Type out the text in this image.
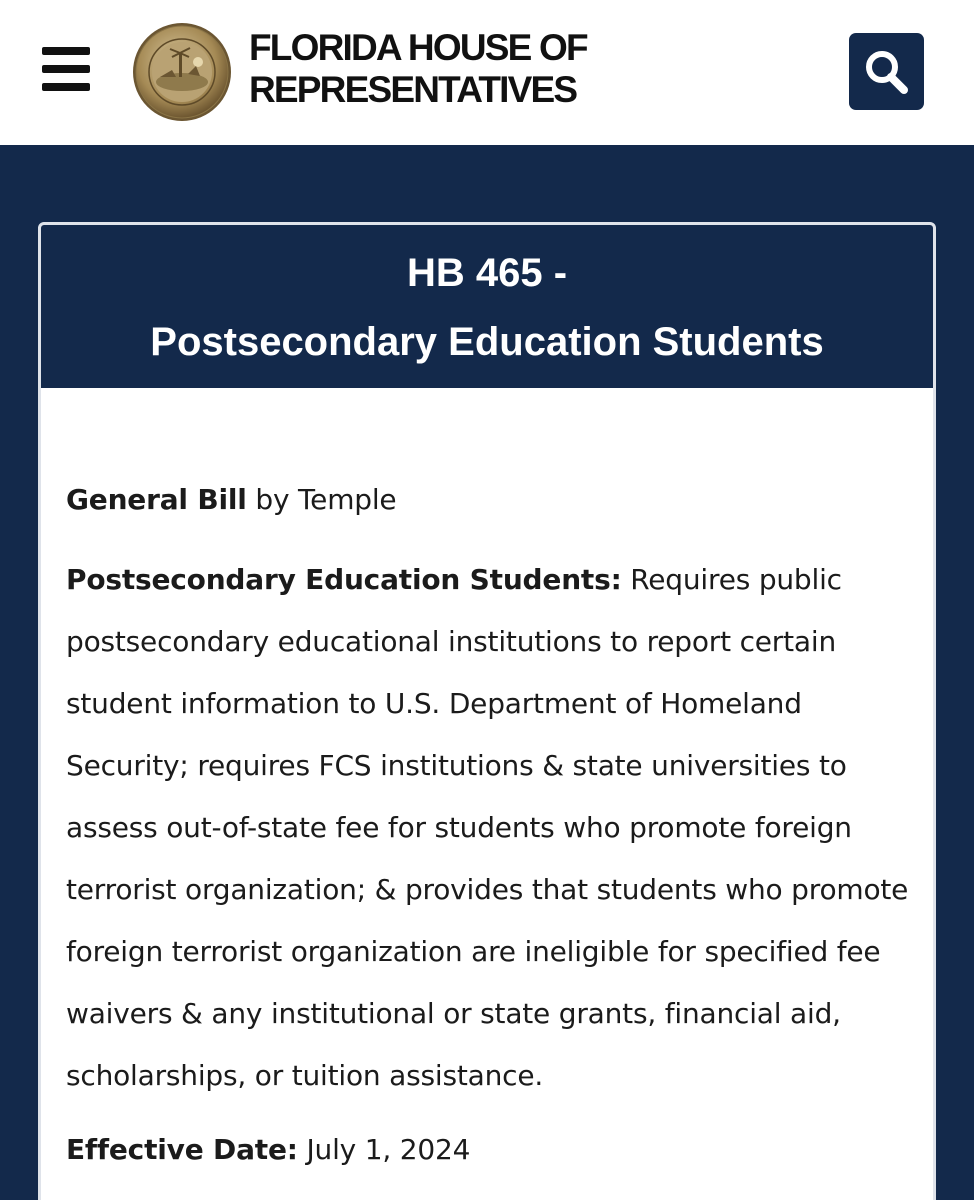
FLORIDA HOUSE OF
REPRESENTATIVES
HB 465 -
Postsecondary Education Students

General Bill by Temple

Postsecondary Education Students: Requires public postsecondary educational institutions to report certain student information to U.S. Department of Homeland Security; requires FCS institutions & state universities to assess out-of-state fee for students who promote foreign terrorist organization; & provides that students who promote foreign terrorist organization are ineligible for specified fee waivers & any institutional or state grants, financial aid, scholarships, or tuition assistance.

Effective Date: July 1, 2024
